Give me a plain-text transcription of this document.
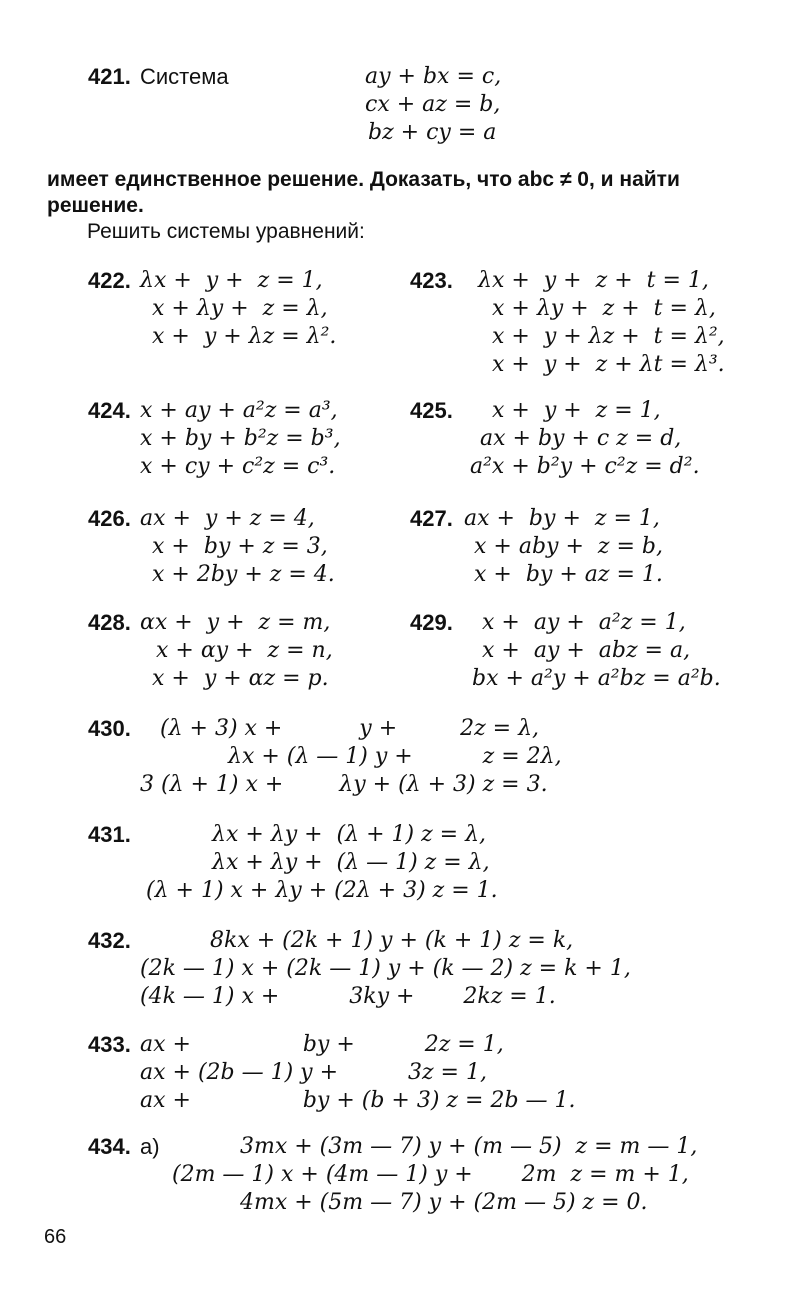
421. Система	ay + bx = c,
cx + az = b,
bz + cy = a
имеет единственное решение. Доказать, что abc ≠ 0, и найти
решение.
Решить системы уравнений:
422. λx +  y +  z = 1,
x + λy +  z = λ,
x +  y + λz = λ².
423. λx +  y +  z +  t = 1,
x + λy +  z +  t = λ,
x +  y + λz +  t = λ²,
x +  y +  z + λt = λ³.
424. x + ay + a²z = a³,
x + by + b²z = b³,
x + cy + c²z = c³.
425. x +  y +  z = 1,
ax + by + c z = d,
a²x + b²y + c²z = d².
426. ax +  y + z = 4,
x +  by + z = 3,
x + 2by + z = 4.
427. ax +  by +  z = 1,
x + aby +  z = b,
x +  by + az = 1.
428. αx +  y +  z = m,
x + αy +  z = n,
x +  y + αz = p.
429. x +  ay +  a²z = 1,
x +  ay +  abz = a,
bx + a²y + a²bz = a²b.
430. (λ + 3) x +           y +         2z = λ,
λx + (λ — 1) y +          z = 2λ,
3 (λ + 1) x +        λy + (λ + 3) z = 3.
431.	λx + λy +  (λ + 1) z = λ,
λx + λy +  (λ — 1) z = λ,
(λ + 1) x + λy + (2λ + 3) z = 1.
432.	8kx + (2k + 1) y + (k + 1) z = k,
(2k — 1) x + (2k — 1) y + (k — 2) z = k + 1,
(4k — 1) x +          3ky +       2kz = 1.
433. ax +                by +          2z = 1,
ax + (2b — 1) y +          3z = 1,
ax +                by + (b + 3) z = 2b — 1.
434. а)	3mx + (3m — 7) y + (m — 5)  z = m — 1,
(2m — 1) x + (4m — 1) y +       2m  z = m + 1,
4mx + (5m — 7) y + (2m — 5) z = 0.
66
